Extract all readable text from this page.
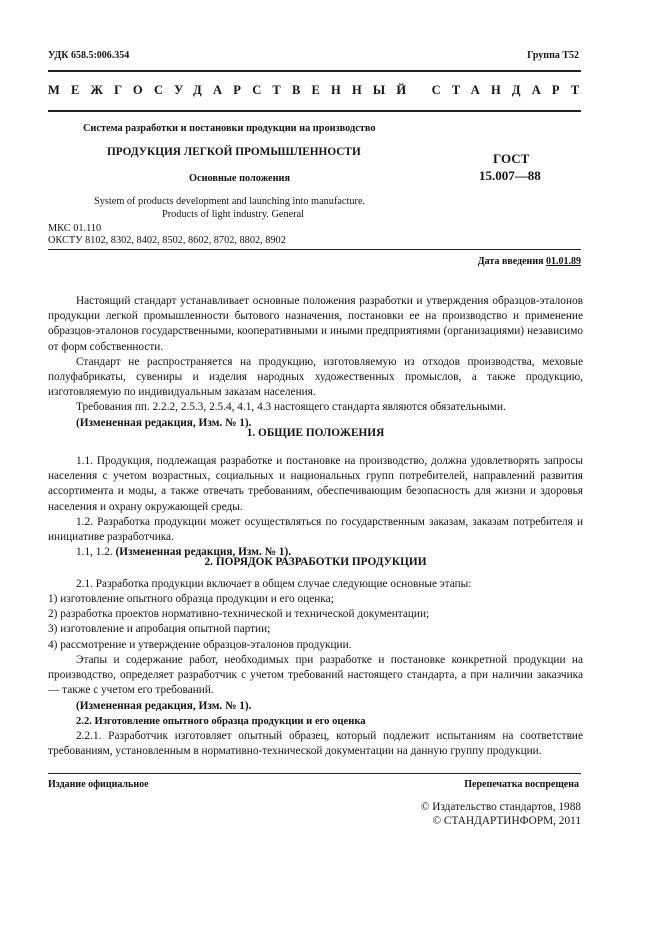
УДК 658.5:006.354	Группа Т52
МЕЖГОСУДАРСТВЕННЫЙ СТАНДАРТ
Система разработки и постановки продукции на производство
ПРОДУКЦИЯ ЛЕГКОЙ ПРОМЫШЛЕННОСТИ	ГОСТ
15.007—88
Основные положения
System of products development and launching into manufacture.
Products of light industry. General
МКС 01.110
ОКСТУ 8102, 8302, 8402, 8502, 8602, 8702, 8802, 8902
Дата введения 01.01.89

Настоящий стандарт устанавливает основные положения разработки и утверждения образцов-эталонов продукции легкой промышленности бытового назначения, постановки ее на производство и применение образцов-эталонов государственными, кооперативными и иными предприятиями (организациями) независимо от форм собственности.

Стандарт не распространяется на продукцию, изготовляемую из отходов производства, меховые полуфабрикаты, сувениры и изделия народных художественных промыслов, а также продукцию, изготовляемую по индивидуальным заказам населения.

Требования пп. 2.2.2, 2.5.3, 2.5.4, 4.1, 4.3 настоящего стандарта являются обязательными.

(Измененная редакция, Изм. № 1).

1. ОБЩИЕ ПОЛОЖЕНИЯ

1.1. Продукция, подлежащая разработке и постановке на производство, должна удовлетворять запросы населения с учетом возрастных, социальных и национальных групп потребителей, направлений развития ассортимента и моды, а также отвечать требованиям, обеспечивающим безопасность для жизни и здоровья населения и охрану окружающей среды.

1.2. Разработка продукции может осуществляться по государственным заказам, заказам потребителя и инициативе разработчика.

1.1, 1.2. (Измененная редакция, Изм. № 1).

2. ПОРЯДОК РАЗРАБОТКИ ПРОДУКЦИИ

2.1. Разработка продукции включает в общем случае следующие основные этапы:

1) изготовление опытного образца продукции и его оценка;
2) разработка проектов нормативно-технической и технической документации;
3) изготовление и апробация опытной партии;
4) рассмотрение и утверждение образцов-эталонов продукции.

Этапы и содержание работ, необходимых при разработке и постановке конкретной продукции на производство, определяет разработчик с учетом требований настоящего стандарта, а при наличии заказчика — также с учетом его требований.

(Измененная редакция, Изм. № 1).

2.2. Изготовление опытного образца продукции и его оценка

2.2.1. Разработчик изготовляет опытный образец, который подлежит испытаниям на соответствие требованиям, установленным в нормативно-технической документации на данную группу продукции.

Издание официальное	Перепечатка воспрещена
© Издательство стандартов, 1988
© СТАНДАРТИНФОРМ, 2011
